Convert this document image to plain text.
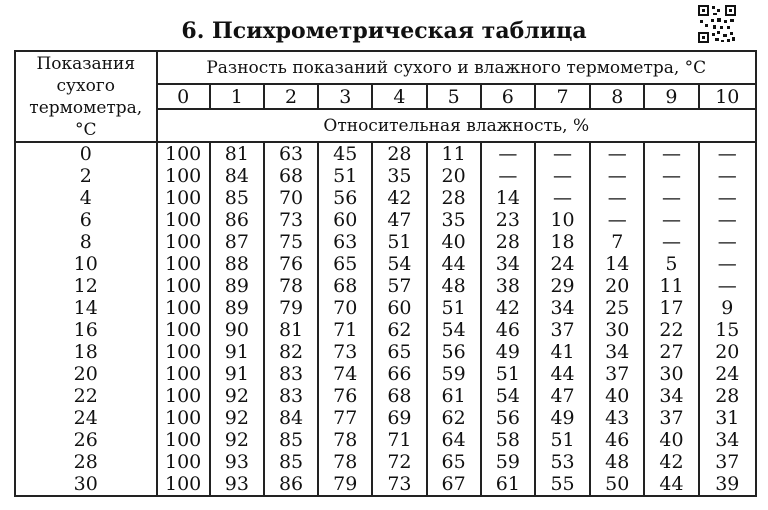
6. Психрометрическая таблица
Показания сухого термометра, °С	Разность показаний сухого и влажного термометра, °С										
	0	1	2	3	4	5	6	7	8	9	10
	Относительная влажность, %										
0	100	81	63	45	28	11	—	—	—	—	—
2	100	84	68	51	35	20	—	—	—	—	—
4	100	85	70	56	42	28	14	—	—	—	—
6	100	86	73	60	47	35	23	10	—	—	—
8	100	87	75	63	51	40	28	18	7	—	—
10	100	88	76	65	54	44	34	24	14	5	—
12	100	89	78	68	57	48	38	29	20	11	—
14	100	89	79	70	60	51	42	34	25	17	9
16	100	90	81	71	62	54	46	37	30	22	15
18	100	91	82	73	65	56	49	41	34	27	20
20	100	91	83	74	66	59	51	44	37	30	24
22	100	92	83	76	68	61	54	47	40	34	28
24	100	92	84	77	69	62	56	49	43	37	31
26	100	92	85	78	71	64	58	51	46	40	34
28	100	93	85	78	72	65	59	53	48	42	37
30	100	93	86	79	73	67	61	55	50	44	39
